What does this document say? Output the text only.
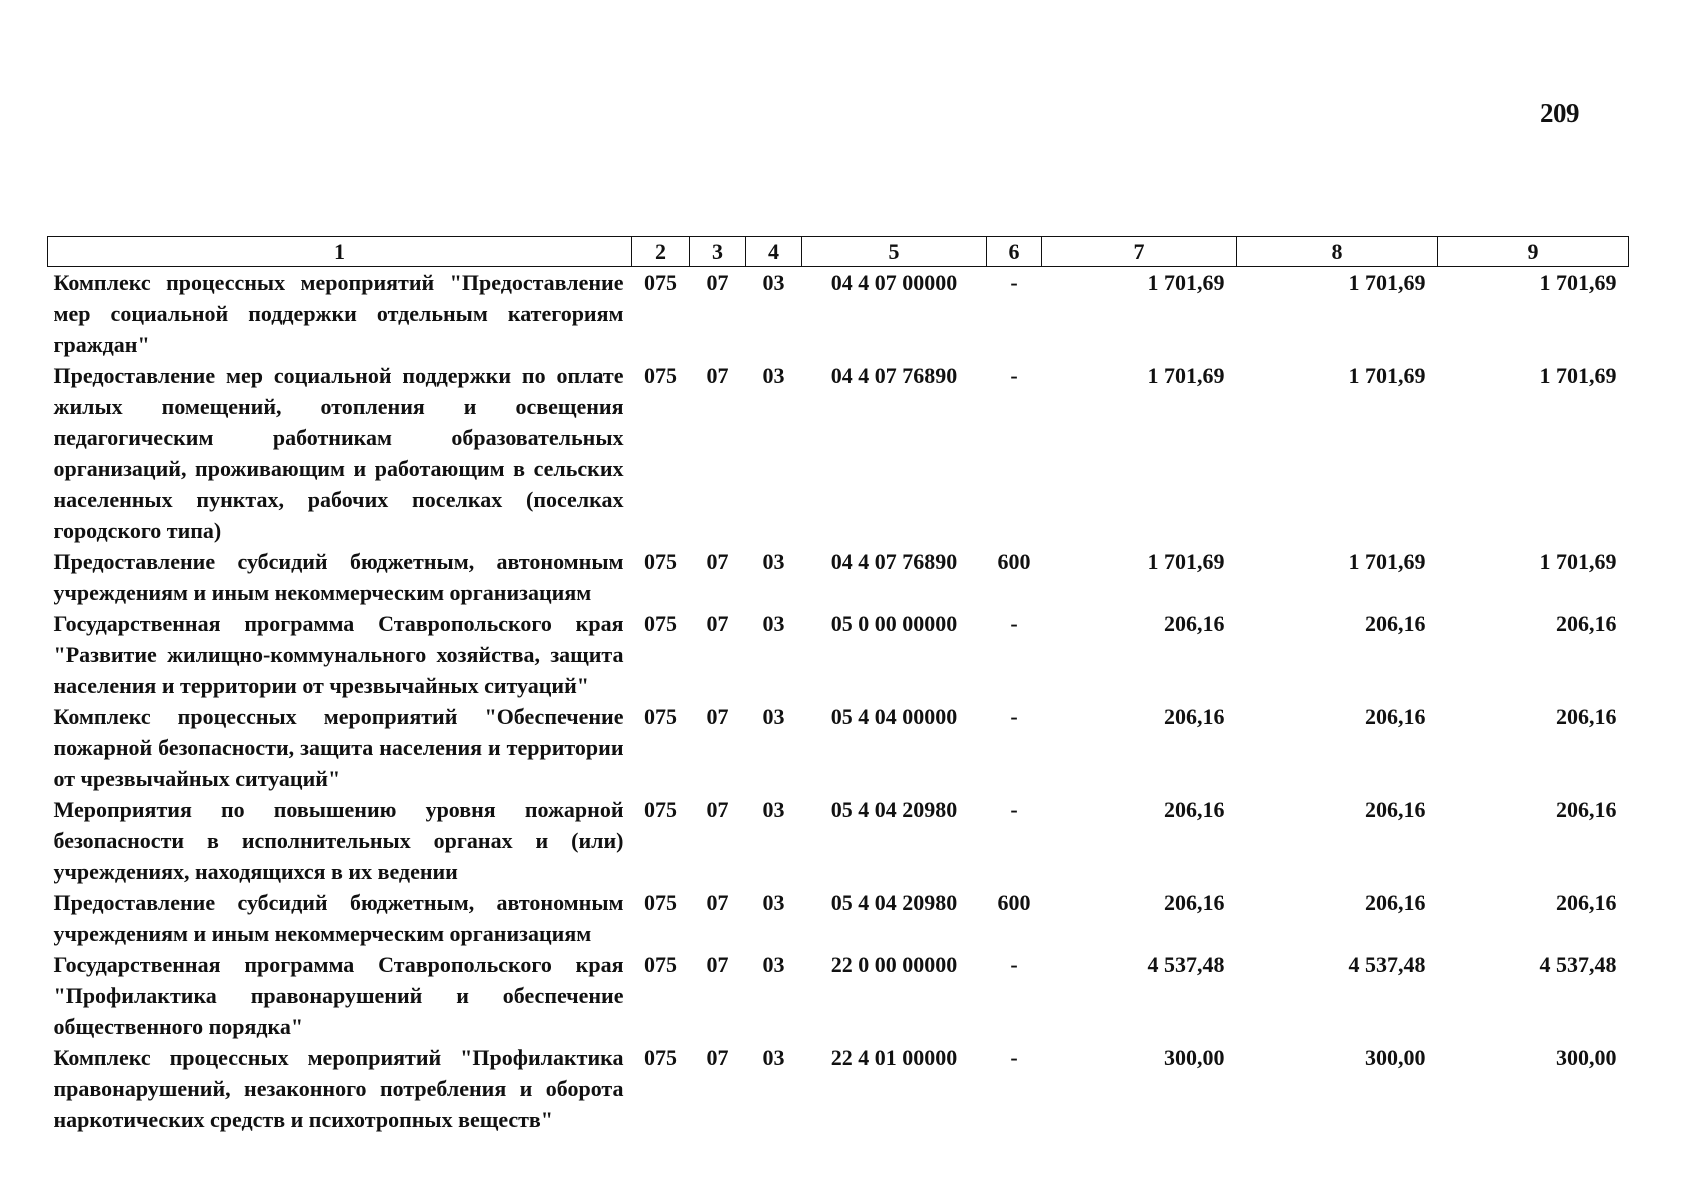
209
1	2	3	4	5	6	7	8	9
Комплекс процессных мероприятий "Предоставление мер социальной поддержки отдельным категориям граждан"	075	07	03	04 4 07 00000	-	1 701,69	1 701,69	1 701,69
Предоставление мер социальной поддержки по оплате жилых помещений, отопления и освещения педагогическим работникам образовательных организаций, проживающим и работающим в сельских населенных пунктах, рабочих поселках (поселках городского типа)	075	07	03	04 4 07 76890	-	1 701,69	1 701,69	1 701,69
Предоставление субсидий бюджетным, автономным учреждениям и иным некоммерческим организациям	075	07	03	04 4 07 76890	600	1 701,69	1 701,69	1 701,69
Государственная программа Ставропольского края "Развитие жилищно-коммунального хозяйства, защита населения и территории от чрезвычайных ситуаций"	075	07	03	05 0 00 00000	-	206,16	206,16	206,16
Комплекс процессных мероприятий "Обеспечение пожарной безопасности, защита населения и территории от чрезвычайных ситуаций"	075	07	03	05 4 04 00000	-	206,16	206,16	206,16
Мероприятия по повышению уровня пожарной безопасности в исполнительных органах и (или) учреждениях, находящихся в их ведении	075	07	03	05 4 04 20980	-	206,16	206,16	206,16
Предоставление субсидий бюджетным, автономным учреждениям и иным некоммерческим организациям	075	07	03	05 4 04 20980	600	206,16	206,16	206,16
Государственная программа Ставропольского края "Профилактика правонарушений и обеспечение общественного порядка"	075	07	03	22 0 00 00000	-	4 537,48	4 537,48	4 537,48
Комплекс процессных мероприятий "Профилактика правонарушений, незаконного потребления и оборота наркотических средств и психотропных веществ"	075	07	03	22 4 01 00000	-	300,00	300,00	300,00
